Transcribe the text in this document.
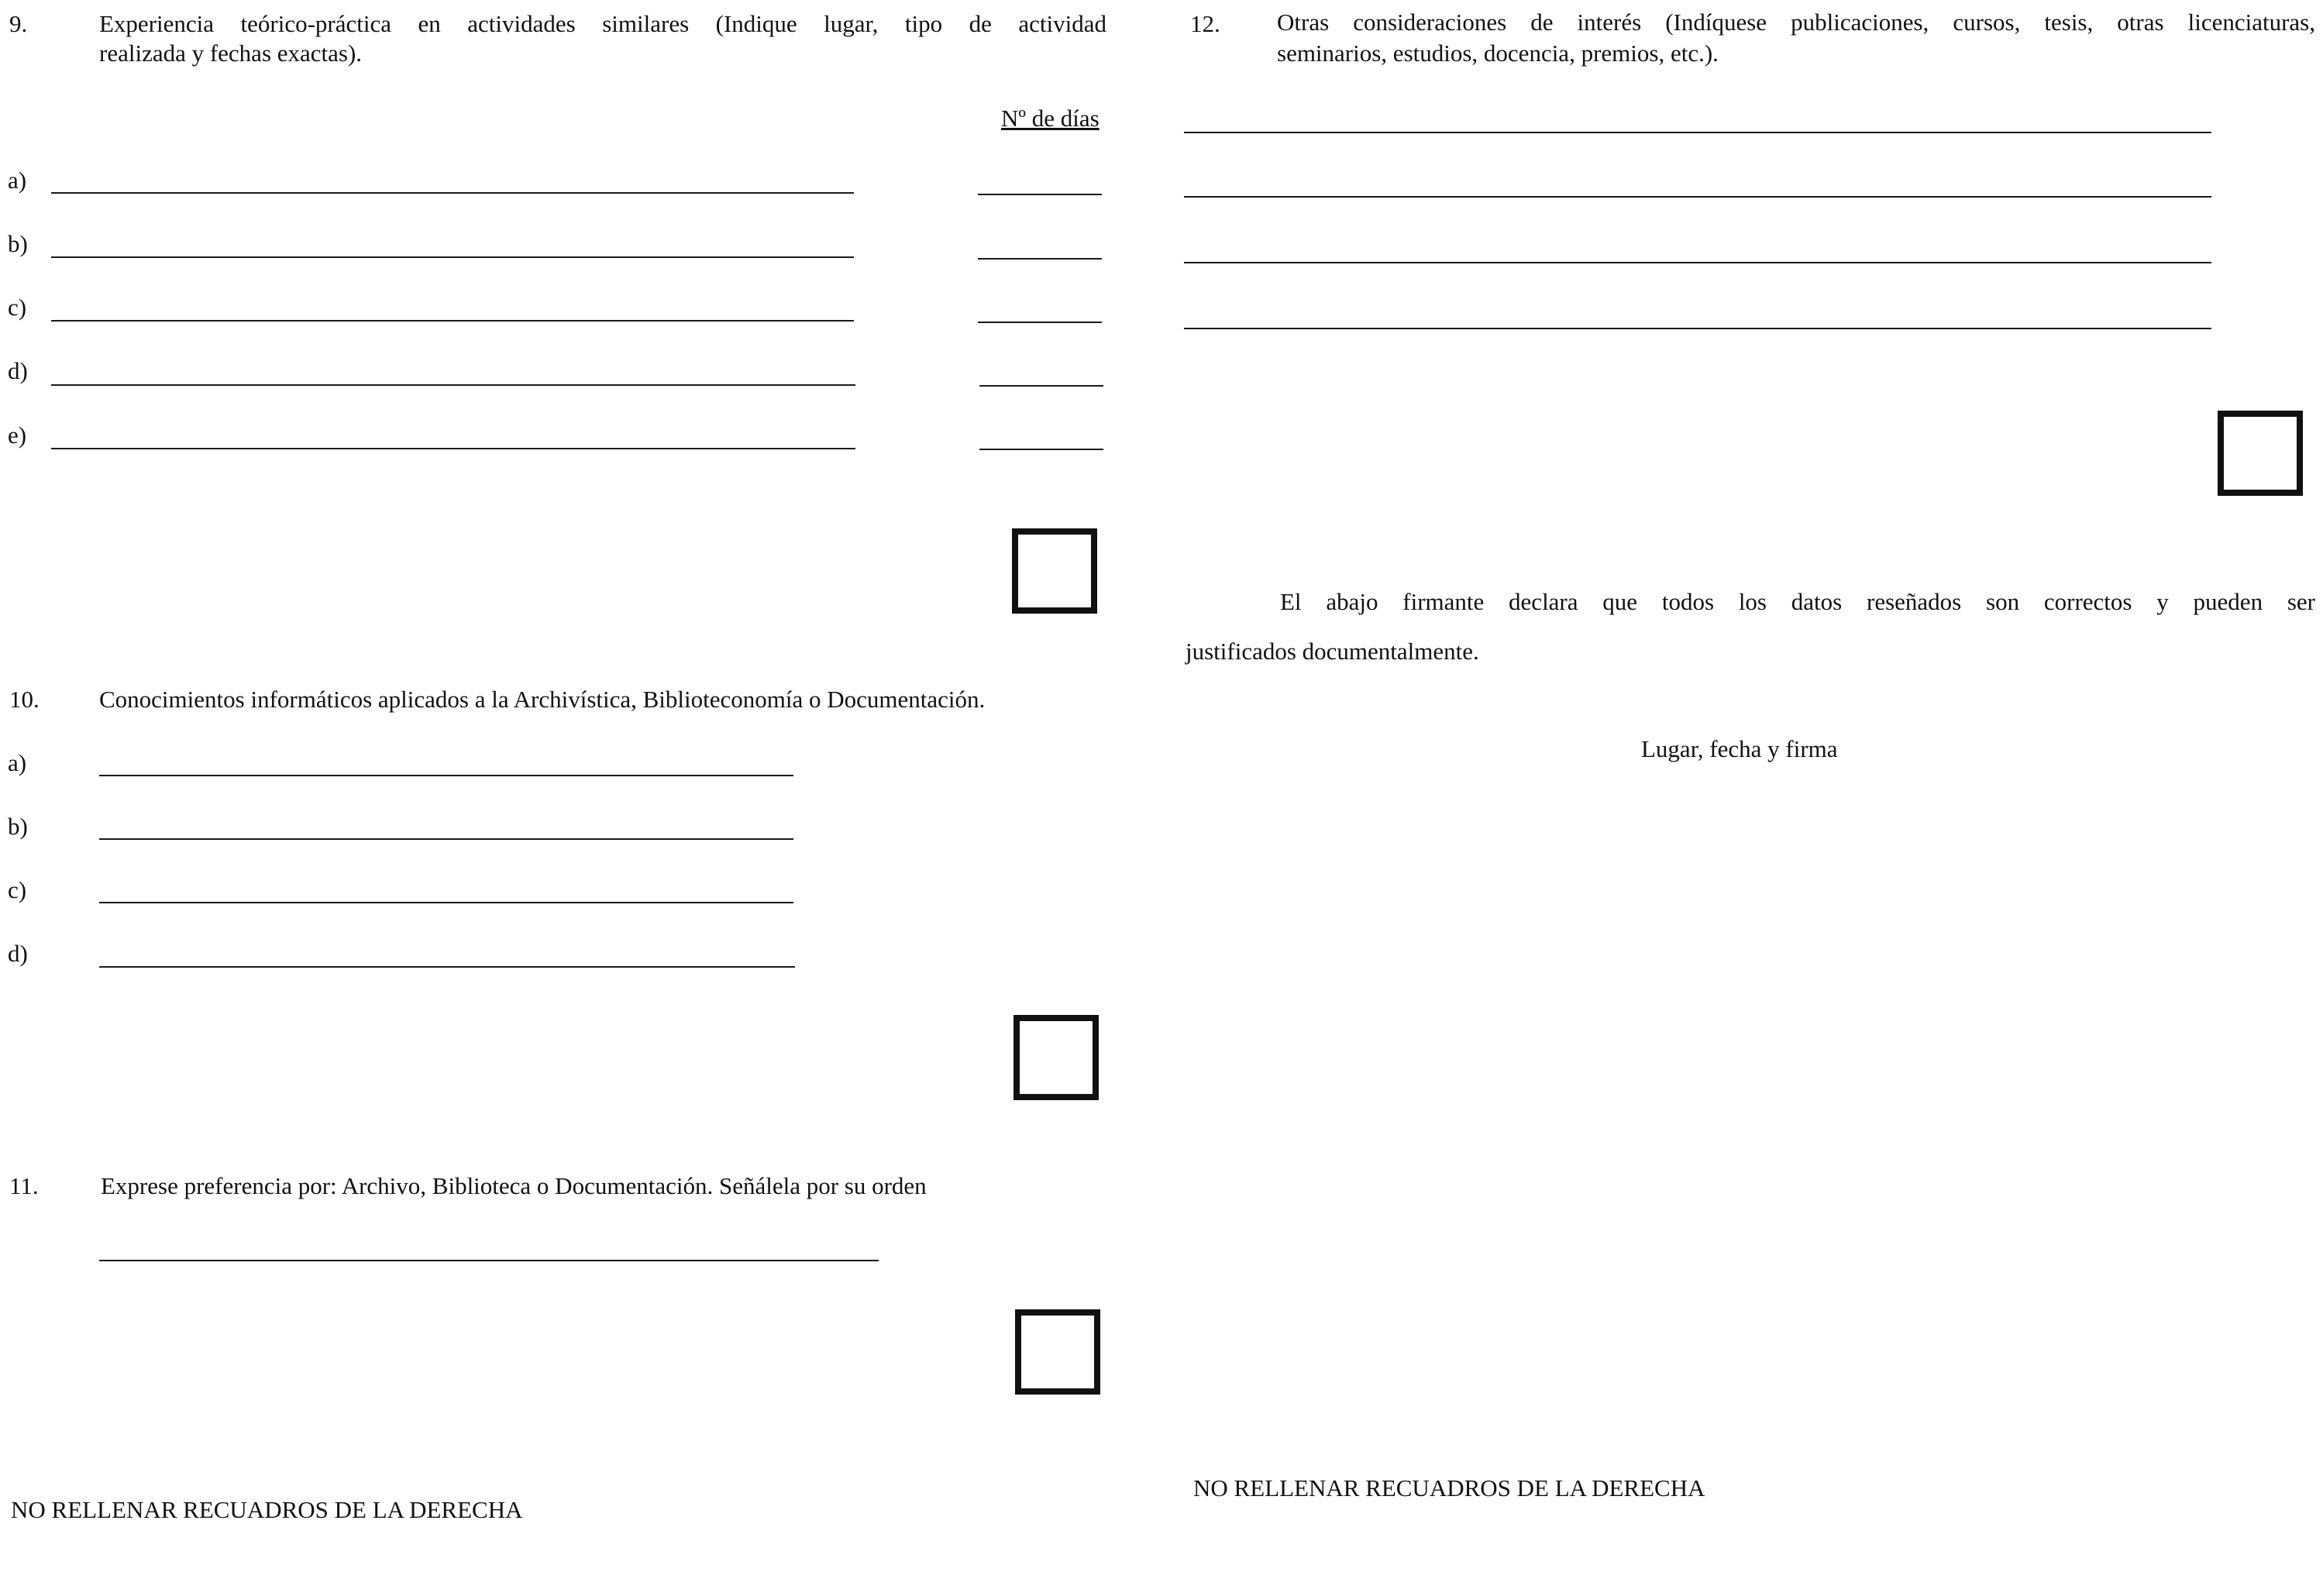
9.	Experiencia teórico-práctica en actividades similares (Indique lugar, tipo de actividad
realizada y fechas exactas).
Nº de días
a)
b)
c)
d)
e)
10. Conocimientos informáticos aplicados a la Archivística, Biblioteconomía o Documentación.
a)
b)
c)
d)
11.	Exprese preferencia por: Archivo, Biblioteca o Documentación. Señálela por su orden
NO RELLENAR RECUADROS DE LA DERECHA
12. Otras consideraciones de interés (Indíquese publicaciones, cursos, tesis, otras licenciaturas,
seminarios, estudios, docencia, premios, etc.).
El abajo firmante declara que todos los datos reseñados son correctos y pueden ser
justificados documentalmente.
Lugar, fecha y firma
NO RELLENAR RECUADROS DE LA DERECHA
